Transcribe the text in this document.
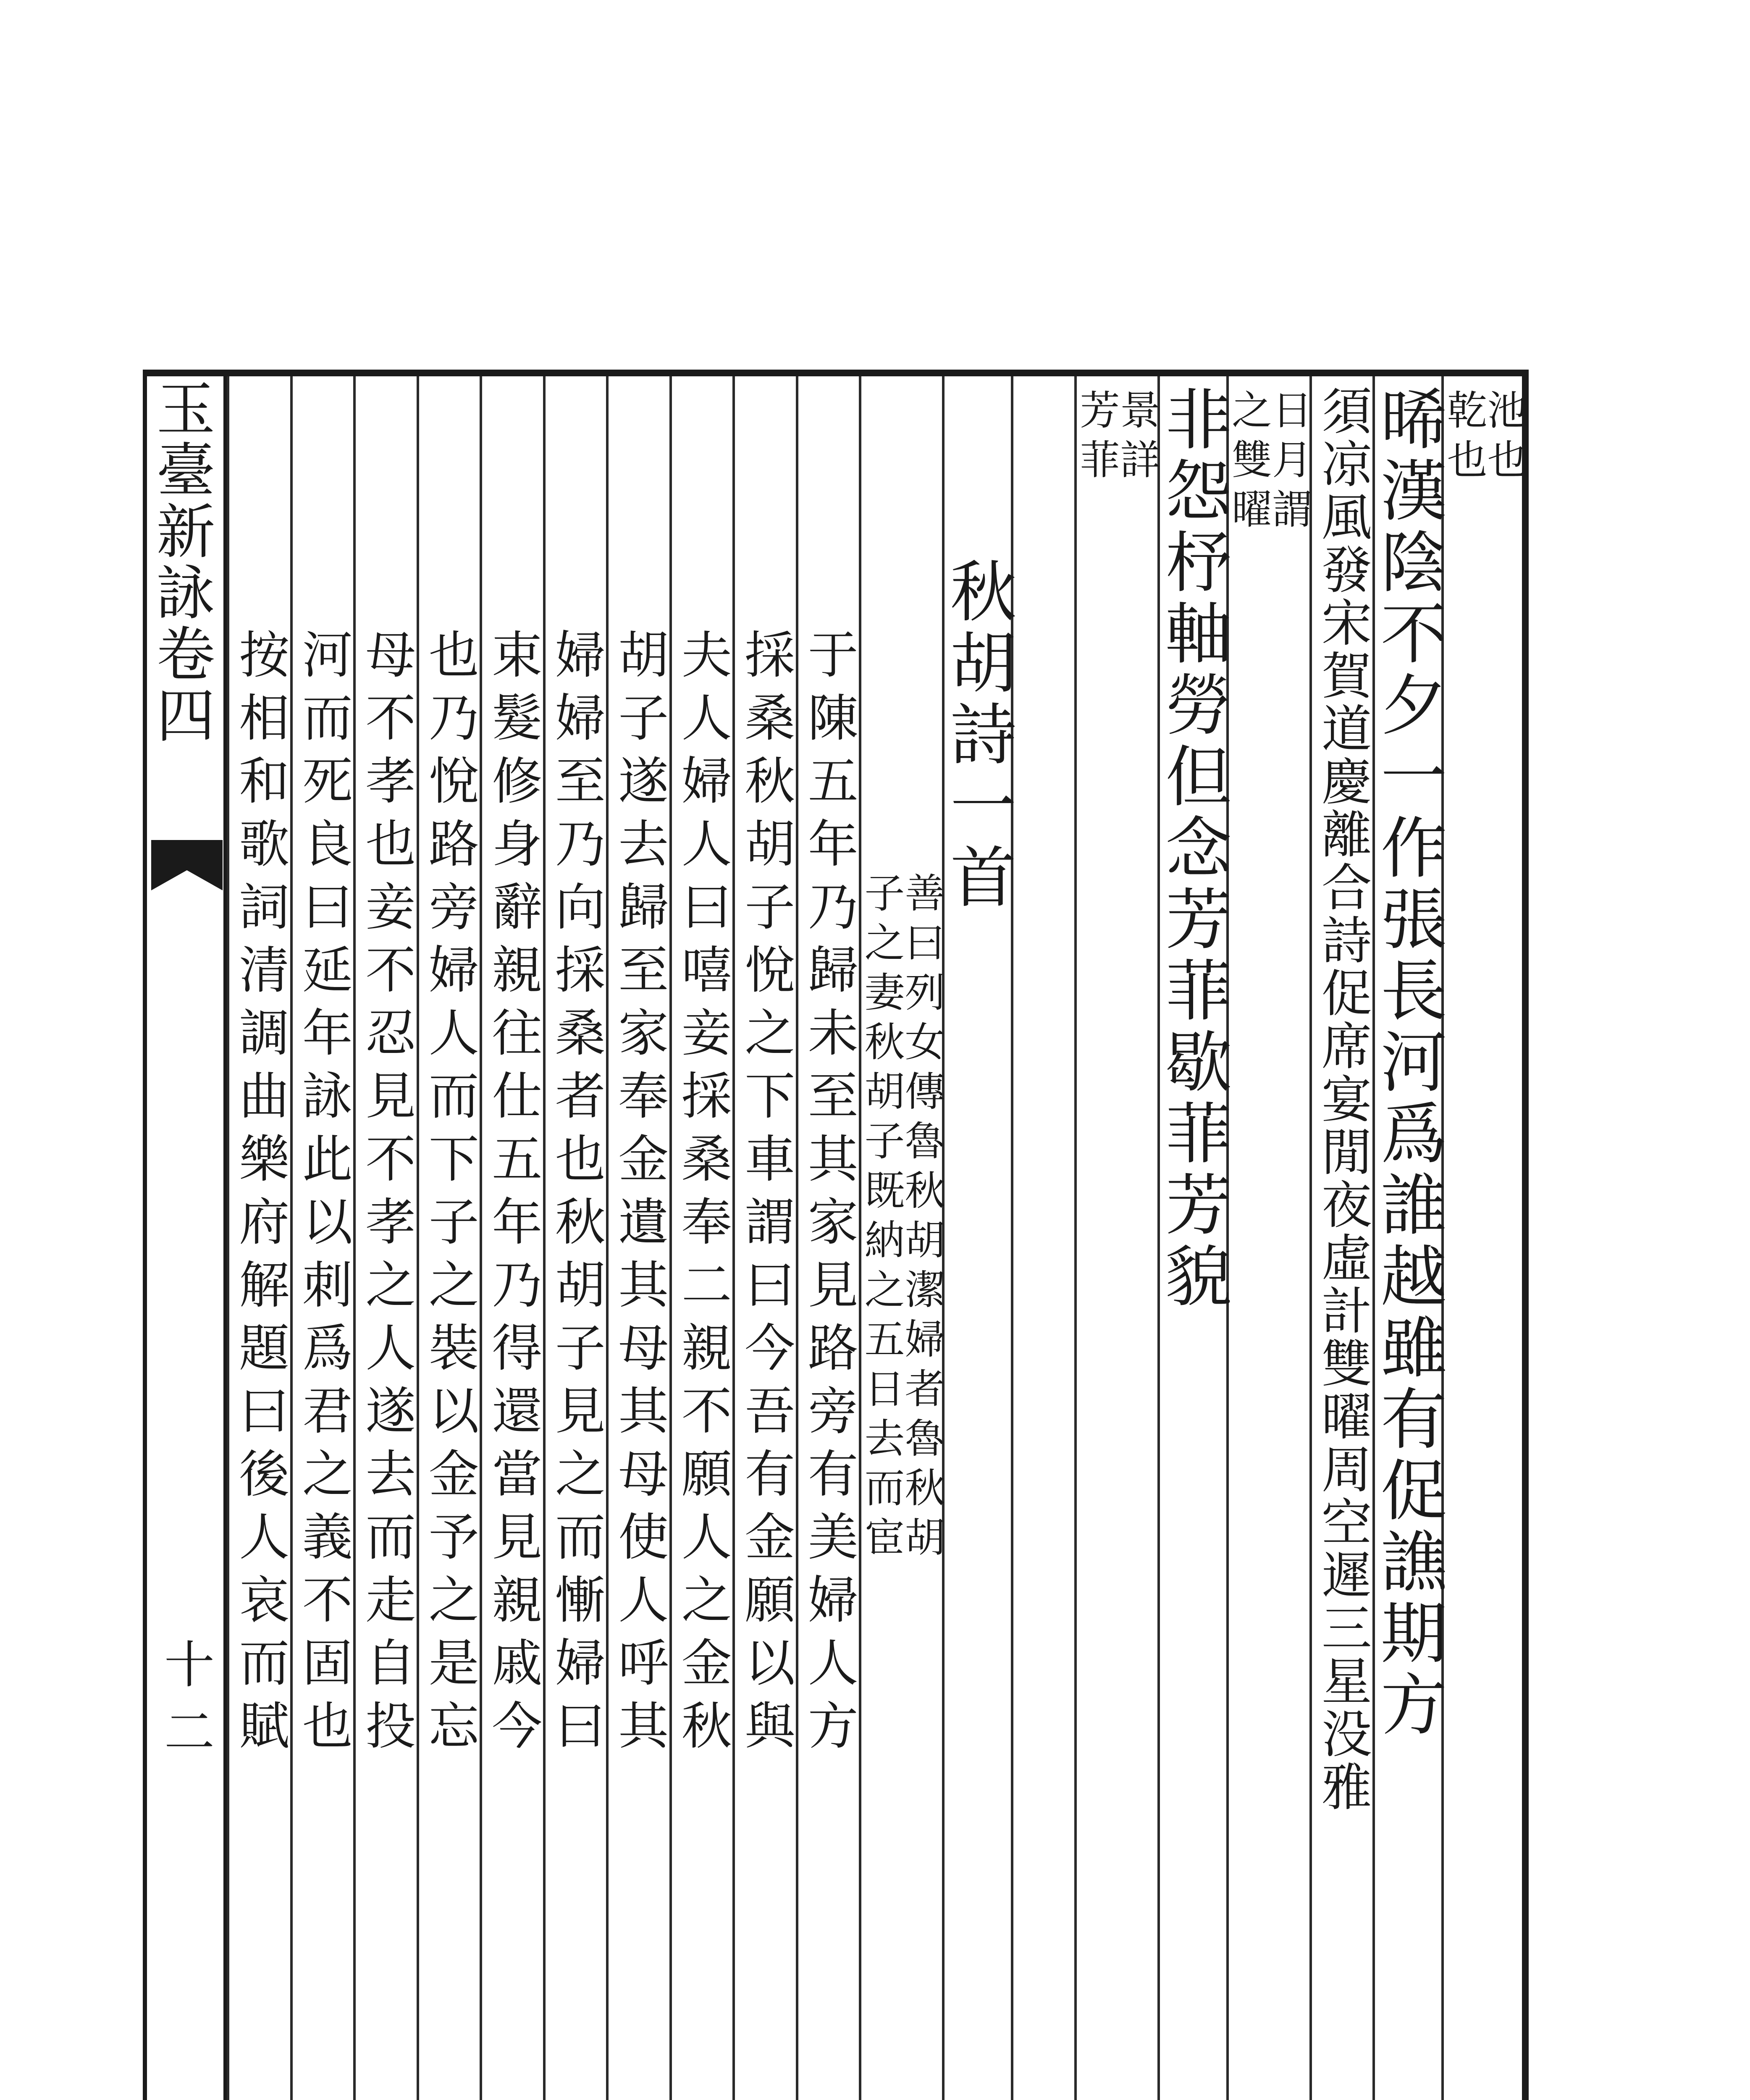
玉臺新詠卷四
十二
池也
乾也
晞漢陰不夕一作張長河爲誰越雖有促譙期方
須凉風發宋賀道慶離合詩促席宴閒夜虛計雙曜周空遲三星没雅
日月謂
之雙曜
非怨杼軸勞但念芳菲歇菲芳貌
景詳
芳菲
秋胡詩一首
善曰列女傳魯秋胡潔婦者魯秋胡
子之妻秋胡子既納之五日去而宦
于陳五年乃歸未至其家見路旁有美婦人方
採桑秋胡子悅之下車謂曰今吾有金願以與
夫人婦人曰嘻妾採桑奉二親不願人之金秋
胡子遂去歸至家奉金遺其母其母使人呼其
婦婦至乃向採桑者也秋胡子見之而慚婦曰
束髮修身辭親往仕五年乃得還當見親戚今
也乃悅路旁婦人而下子之裝以金予之是忘
母不孝也妾不忍見不孝之人遂去而走自投
河而死良曰延年詠此以刺爲君之義不固也
按相和歌詞清調曲樂府解題曰後人哀而賦
